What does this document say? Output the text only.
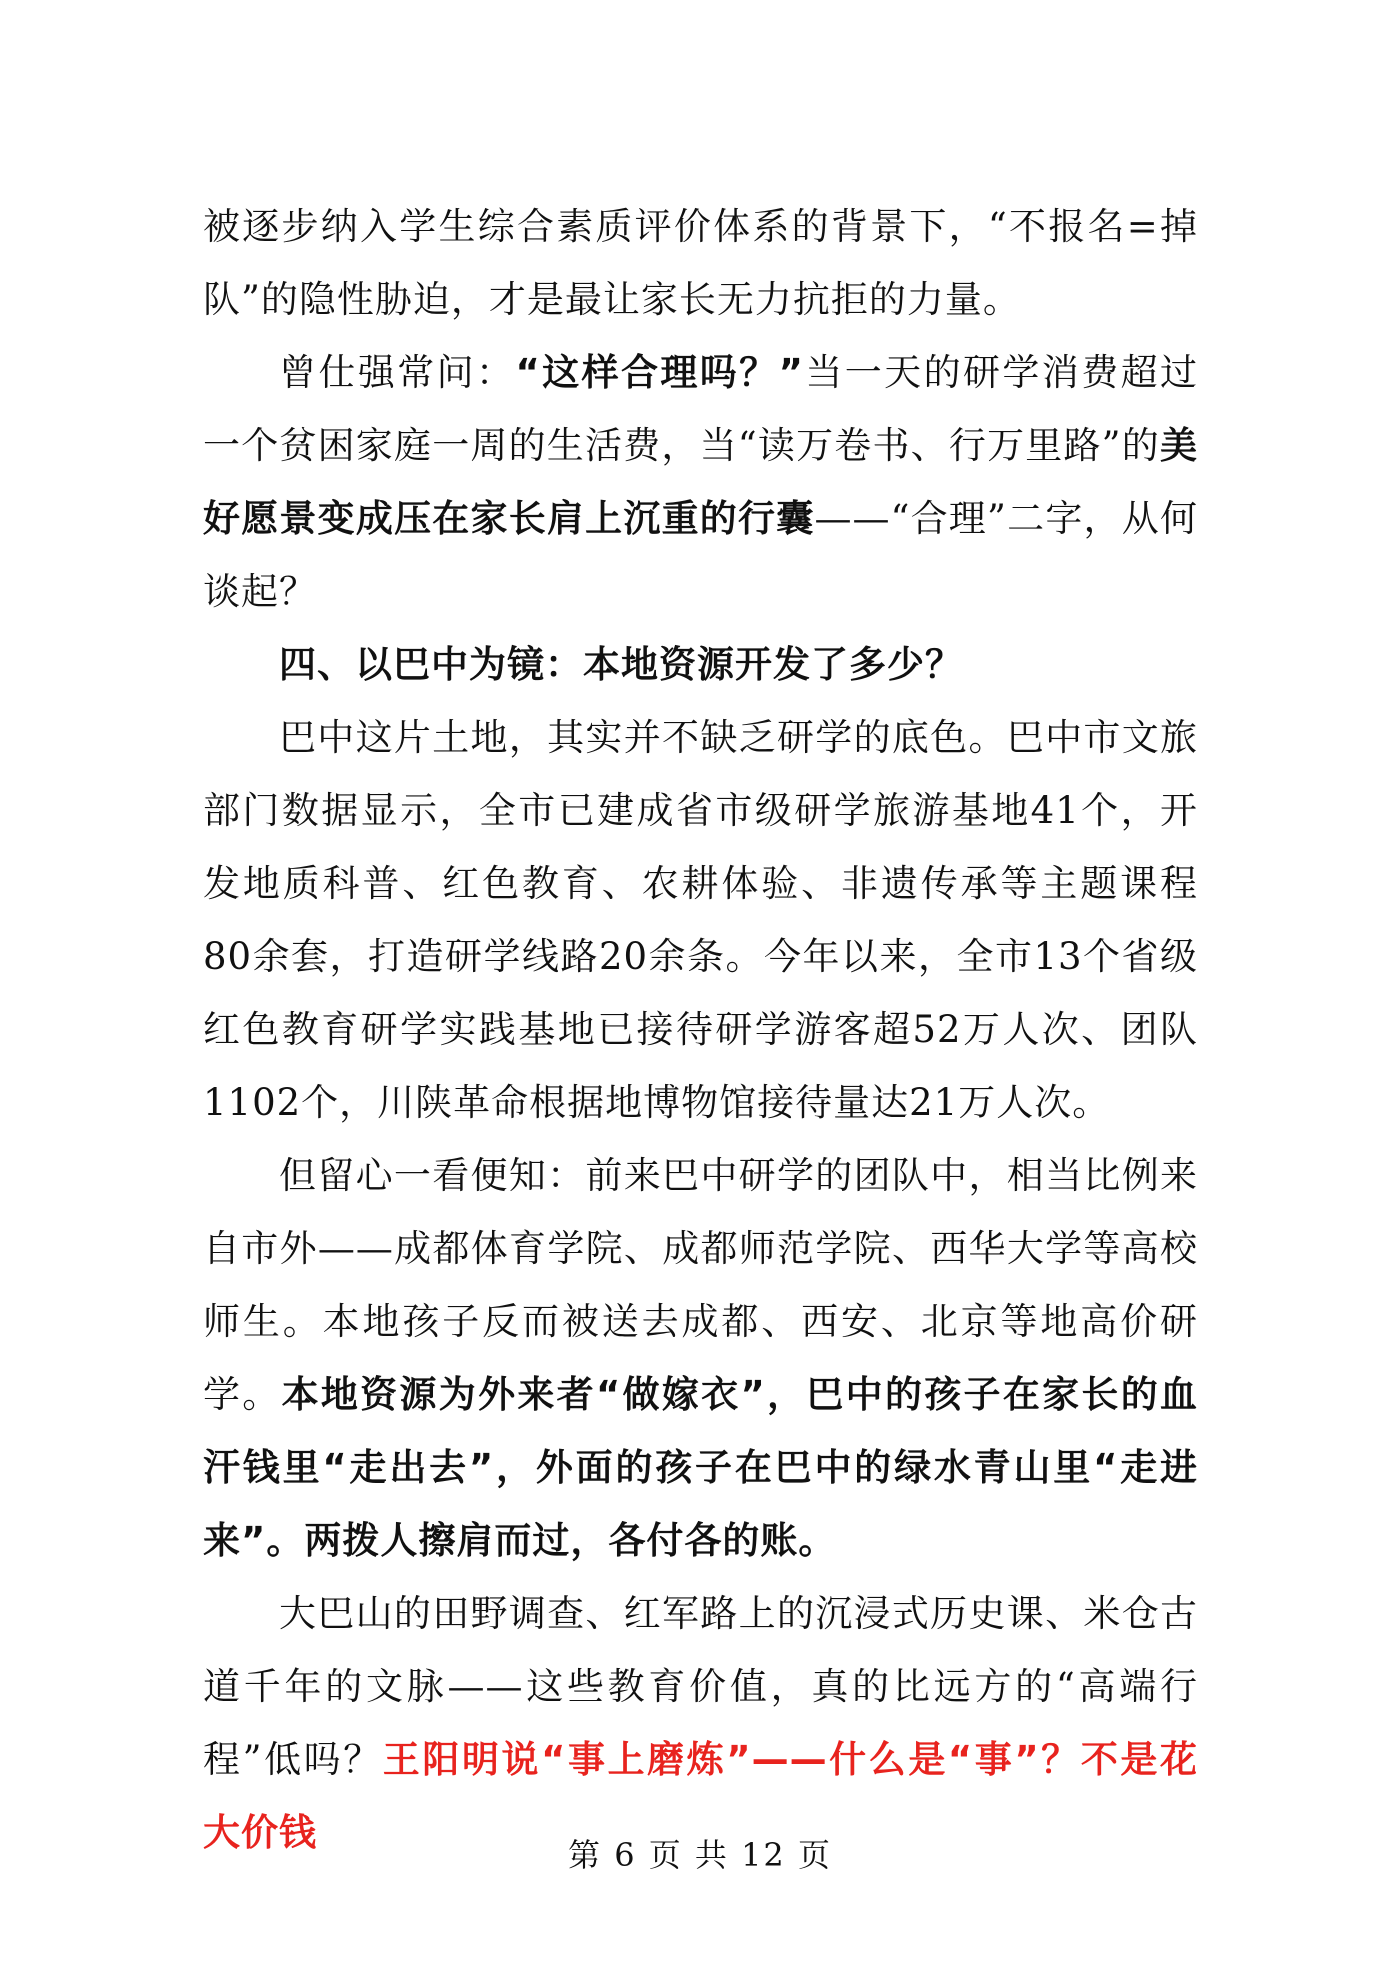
被逐步纳入学生综合素质评价体系的背景下，“不报名=掉队”的隐性胁迫，才是最让家长无力抗拒的力量。

曾仕强常问：“这样合理吗？”当一天的研学消费超过一个贫困家庭一周的生活费，当“读万卷书、行万里路”的美好愿景变成压在家长肩上沉重的行囊——“合理”二字，从何谈起？

四、以巴中为镜：本地资源开发了多少？

巴中这片土地，其实并不缺乏研学的底色。巴中市文旅部门数据显示，全市已建成省市级研学旅游基地41个，开发地质科普、红色教育、农耕体验、非遗传承等主题课程80余套，打造研学线路20余条。今年以来，全市13个省级红色教育研学实践基地已接待研学游客超52万人次、团队1102个，川陕革命根据地博物馆接待量达21万人次。

但留心一看便知：前来巴中研学的团队中，相当比例来自市外——成都体育学院、成都师范学院、西华大学等高校师生。本地孩子反而被送去成都、西安、北京等地高价研学。本地资源为外来者“做嫁衣”，巴中的孩子在家长的血汗钱里“走出去”，外面的孩子在巴中的绿水青山里“走进来”。两拨人擦肩而过，各付各的账。

大巴山的田野调查、红军路上的沉浸式历史课、米仓古道千年的文脉——这些教育价值，真的比远方的“高端行程”低吗？王阳明说“事上磨炼”——什么是“事”？不是花大价钱

第 6 页 共 12 页
